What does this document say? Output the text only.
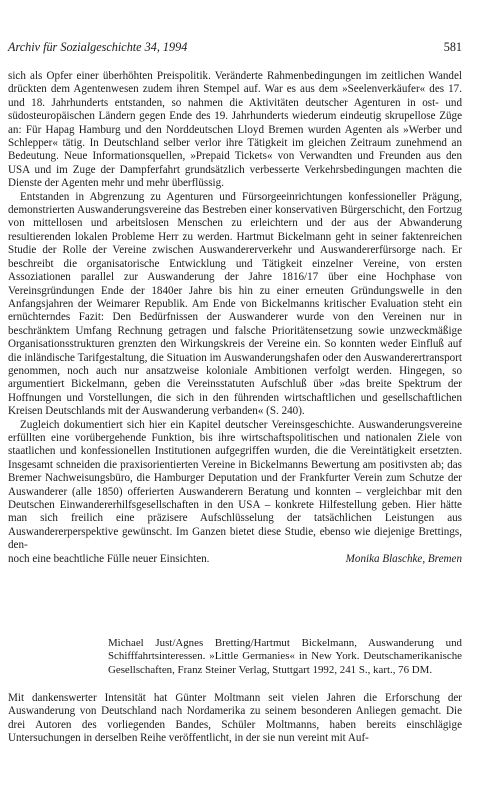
Archiv für Sozialgeschichte 34, 1994	581

sich als Opfer einer überhöhten Preispolitik. Veränderte Rahmenbedingungen im zeitlichen Wandel drückten dem Agentenwesen zudem ihren Stempel auf. War es aus dem »Seelenverkäufer« des 17. und 18. Jahrhunderts entstanden, so nahmen die Aktivitäten deutscher Agenturen in ost- und südosteuropäischen Ländern gegen Ende des 19. Jahrhunderts wiederum eindeutig skrupellose Züge an: Für Hapag Hamburg und den Norddeutschen Lloyd Bremen wurden Agenten als »Werber und Schlepper« tätig. In Deutschland selber verlor ihre Tätigkeit im gleichen Zeitraum zunehmend an Bedeutung. Neue Informationsquellen, »Prepaid Tickets« von Verwandten und Freunden aus den USA und im Zuge der Dampferfahrt grundsätzlich verbesserte Verkehrsbedingungen machten die Dienste der Agenten mehr und mehr überflüssig.

Entstanden in Abgrenzung zu Agenturen und Fürsorgeeinrichtungen konfessioneller Prägung, demonstrierten Auswanderungsvereine das Bestreben einer konservativen Bürgerschicht, den Fortzug von mittellosen und arbeitslosen Menschen zu erleichtern und der aus der Abwanderung resultierenden lokalen Probleme Herr zu werden. Hartmut Bickelmann geht in seiner faktenreichen Studie der Rolle der Vereine zwischen Auswandererverkehr und Auswandererfürsorge nach. Er beschreibt die organisatorische Entwicklung und Tätigkeit einzelner Vereine, von ersten Assoziationen parallel zur Auswanderung der Jahre 1816/17 über eine Hochphase von Vereinsgründungen Ende der 1840er Jahre bis hin zu einer erneuten Gründungswelle in den Anfangsjahren der Weimarer Republik. Am Ende von Bickelmanns kritischer Evaluation steht ein ernüchterndes Fazit: Den Bedürfnissen der Auswanderer wurde von den Vereinen nur in beschränktem Umfang Rechnung getragen und falsche Prioritätensetzung sowie unzweckmäßige Organisationsstrukturen grenzten den Wirkungskreis der Vereine ein. So konnten weder Einfluß auf die inländische Tarifgestaltung, die Situation im Auswanderungshafen oder den Auswanderertransport genommen, noch auch nur ansatzweise koloniale Ambitionen verfolgt werden. Hingegen, so argumentiert Bickelmann, geben die Vereinsstatuten Aufschluß über »das breite Spektrum der Hoffnungen und Vorstellungen, die sich in den führenden wirtschaftlichen und gesellschaftlichen Kreisen Deutschlands mit der Auswanderung verbanden« (S. 240).

Zugleich dokumentiert sich hier ein Kapitel deutscher Vereinsgeschichte. Auswanderungsvereine erfüllten eine vorübergehende Funktion, bis ihre wirtschaftspolitischen und nationalen Ziele von staatlichen und konfessionellen Institutionen aufgegriffen wurden, die die Vereintätigkeit ersetzten. Insgesamt schneiden die praxisorientierten Vereine in Bickelmanns Bewertung am positivsten ab; das Bremer Nachweisungsbüro, die Hamburger Deputation und der Frankfurter Verein zum Schutze der Auswanderer (alle 1850) offerierten Auswanderern Beratung und konnten – vergleichbar mit den Deutschen Einwandererhilfsgesellschaften in den USA – konkrete Hilfestellung geben. Hier hätte man sich freilich eine präzisere Aufschlüsselung der tatsächlichen Leistungen aus Auswandererperspektive gewünscht. Im Ganzen bietet diese Studie, ebenso wie diejenige Brettings, den-

noch eine beachtliche Fülle neuer Einsichten.	Monika Blaschke, Bremen

Michael Just/Agnes Bretting/Hartmut Bickelmann, Auswanderung und Schifffahrtsinteressen. »Little Germanies« in New York. Deutschamerikanische Gesellschaften, Franz Steiner Verlag, Stuttgart 1992, 241 S., kart., 76 DM.

Mit dankenswerter Intensität hat Günter Moltmann seit vielen Jahren die Erforschung der Auswanderung von Deutschland nach Nordamerika zu seinem besonderen Anliegen gemacht. Die drei Autoren des vorliegenden Bandes, Schüler Moltmanns, haben bereits einschlägige Untersuchungen in derselben Reihe veröffentlicht, in der sie nun vereint mit Auf-
